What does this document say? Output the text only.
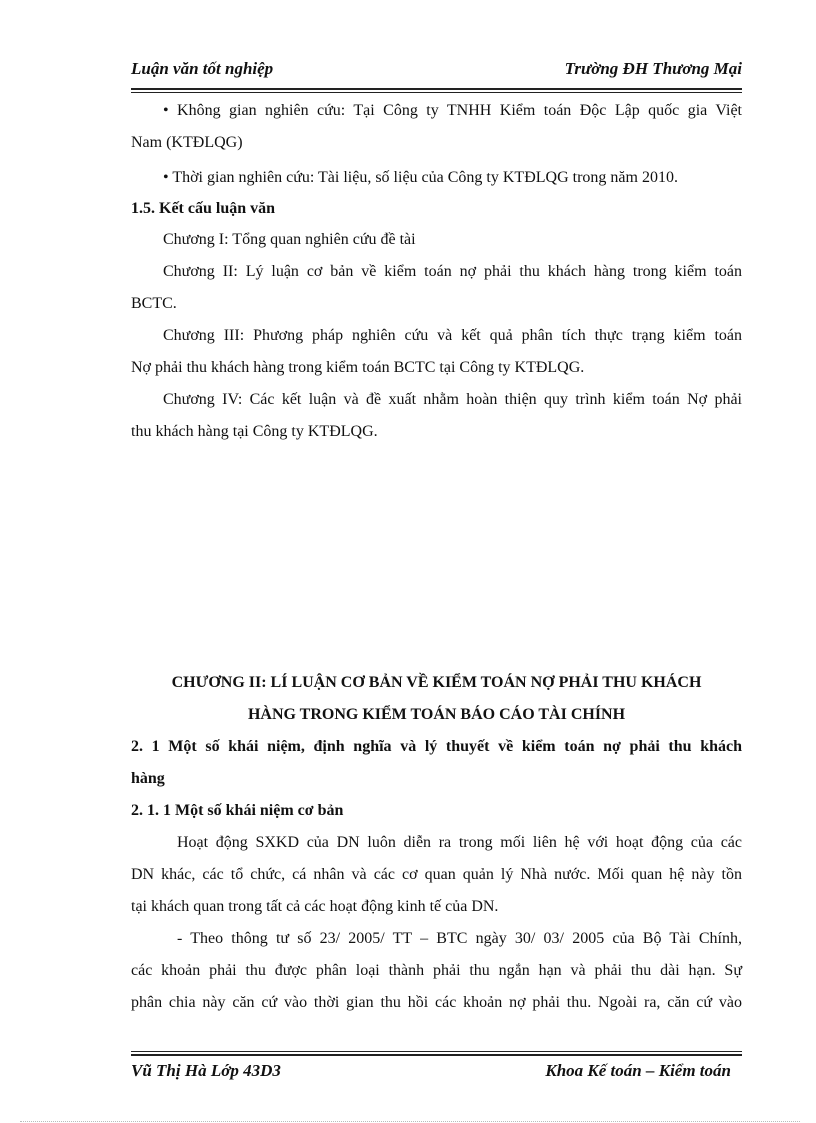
Luận văn tốt nghiệp	Trường ĐH Thương Mại
• Không gian nghiên cứu: Tại Công ty TNHH Kiểm toán Độc Lập quốc gia Việt
Nam (KTĐLQG)
• Thời gian nghiên cứu: Tài liệu, số liệu của Công ty KTĐLQG trong năm 2010.
1.5. Kết cấu luận văn
Chương I: Tổng quan nghiên cứu đề tài
Chương II: Lý luận cơ bản về kiểm toán nợ phải thu khách hàng trong kiểm toán
BCTC.
Chương III: Phương pháp nghiên cứu và kết quả phân tích thực trạng kiểm toán
Nợ phải thu khách hàng trong kiểm toán BCTC tại Công ty KTĐLQG.
Chương IV: Các kết luận và đề xuất nhằm hoàn thiện quy trình kiểm toán Nợ phải
thu khách hàng tại Công ty KTĐLQG.
CHƯƠNG II: LÍ LUẬN CƠ BẢN VỀ KIỂM TOÁN NỢ PHẢI THU KHÁCH
HÀNG TRONG KIỂM TOÁN BÁO CÁO TÀI CHÍNH
2. 1 Một số khái niệm, định nghĩa và lý thuyết về kiểm toán nợ phải thu khách
hàng
2. 1. 1 Một số khái niệm cơ bản
Hoạt động SXKD của DN luôn diễn ra trong mối liên hệ với hoạt động của các
DN khác, các tổ chức, cá nhân và các cơ quan quản lý Nhà nước. Mối quan hệ này tồn
tại khách quan trong tất cả các hoạt động kinh tế của DN.
- Theo thông tư số 23/ 2005/ TT – BTC ngày 30/ 03/ 2005 của Bộ Tài Chính,
các khoản phải thu được phân loại thành phải thu ngắn hạn và phải thu dài hạn. Sự
phân chia này căn cứ vào thời gian thu hồi các khoản nợ phải thu. Ngoài ra, căn cứ vào
Vũ Thị Hà Lớp 43D3	Khoa Kế toán – Kiểm toán
